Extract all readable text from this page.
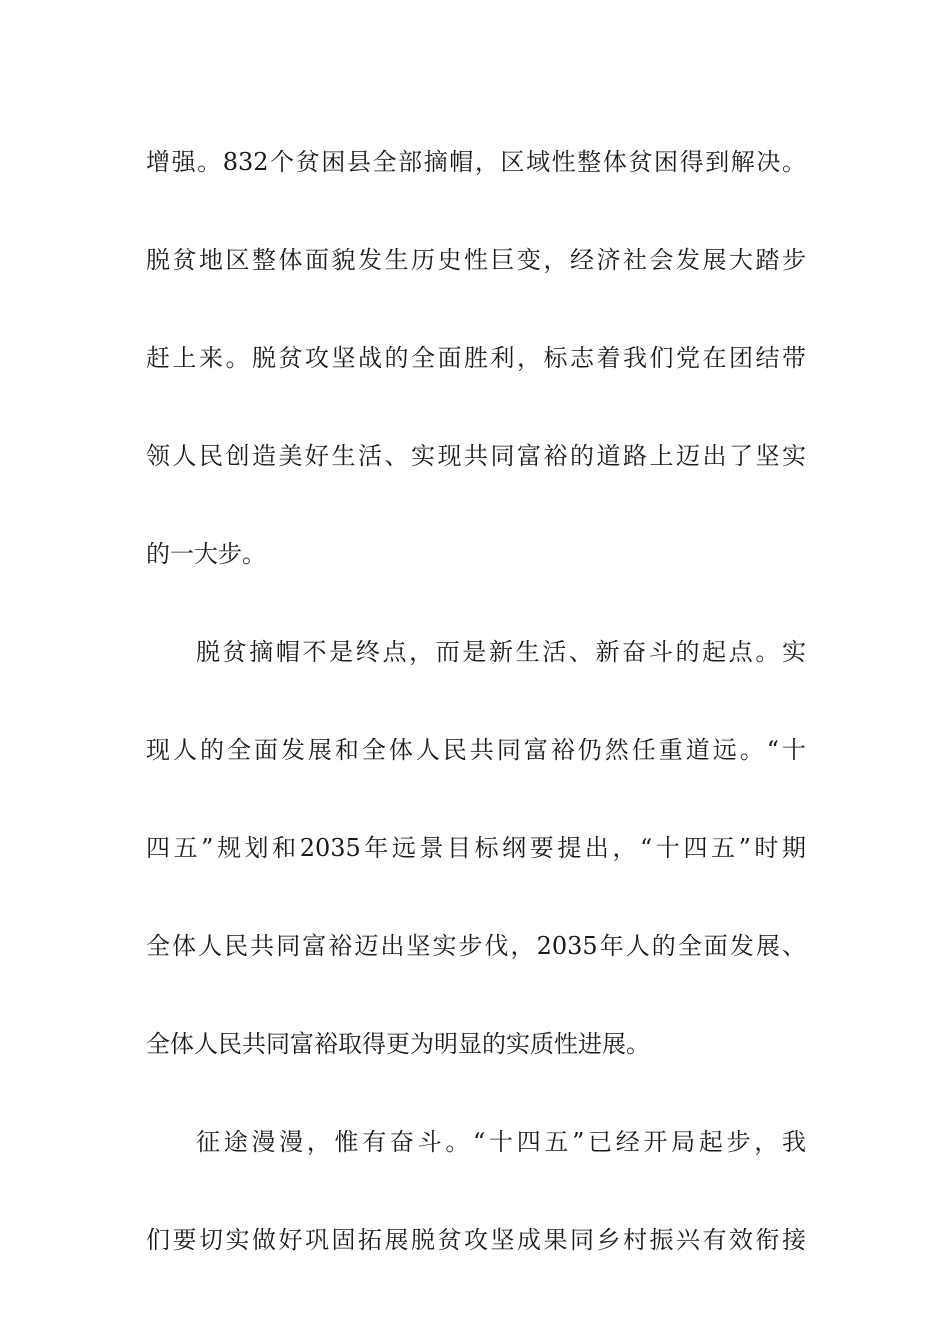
增强。832个贫困县全部摘帽，区域性整体贫困得到解决。
脱贫地区整体面貌发生历史性巨变，经济社会发展大踏步
赶上来。脱贫攻坚战的全面胜利，标志着我们党在团结带
领人民创造美好生活、实现共同富裕的道路上迈出了坚实
的一大步。
脱贫摘帽不是终点，而是新生活、新奋斗的起点。实
现人的全面发展和全体人民共同富裕仍然任重道远。“十
四五”规划和2035年远景目标纲要提出，“十四五”时期
全体人民共同富裕迈出坚实步伐，2035年人的全面发展、
全体人民共同富裕取得更为明显的实质性进展。
征途漫漫，惟有奋斗。“十四五”已经开局起步，我
们要切实做好巩固拓展脱贫攻坚成果同乡村振兴有效衔接
